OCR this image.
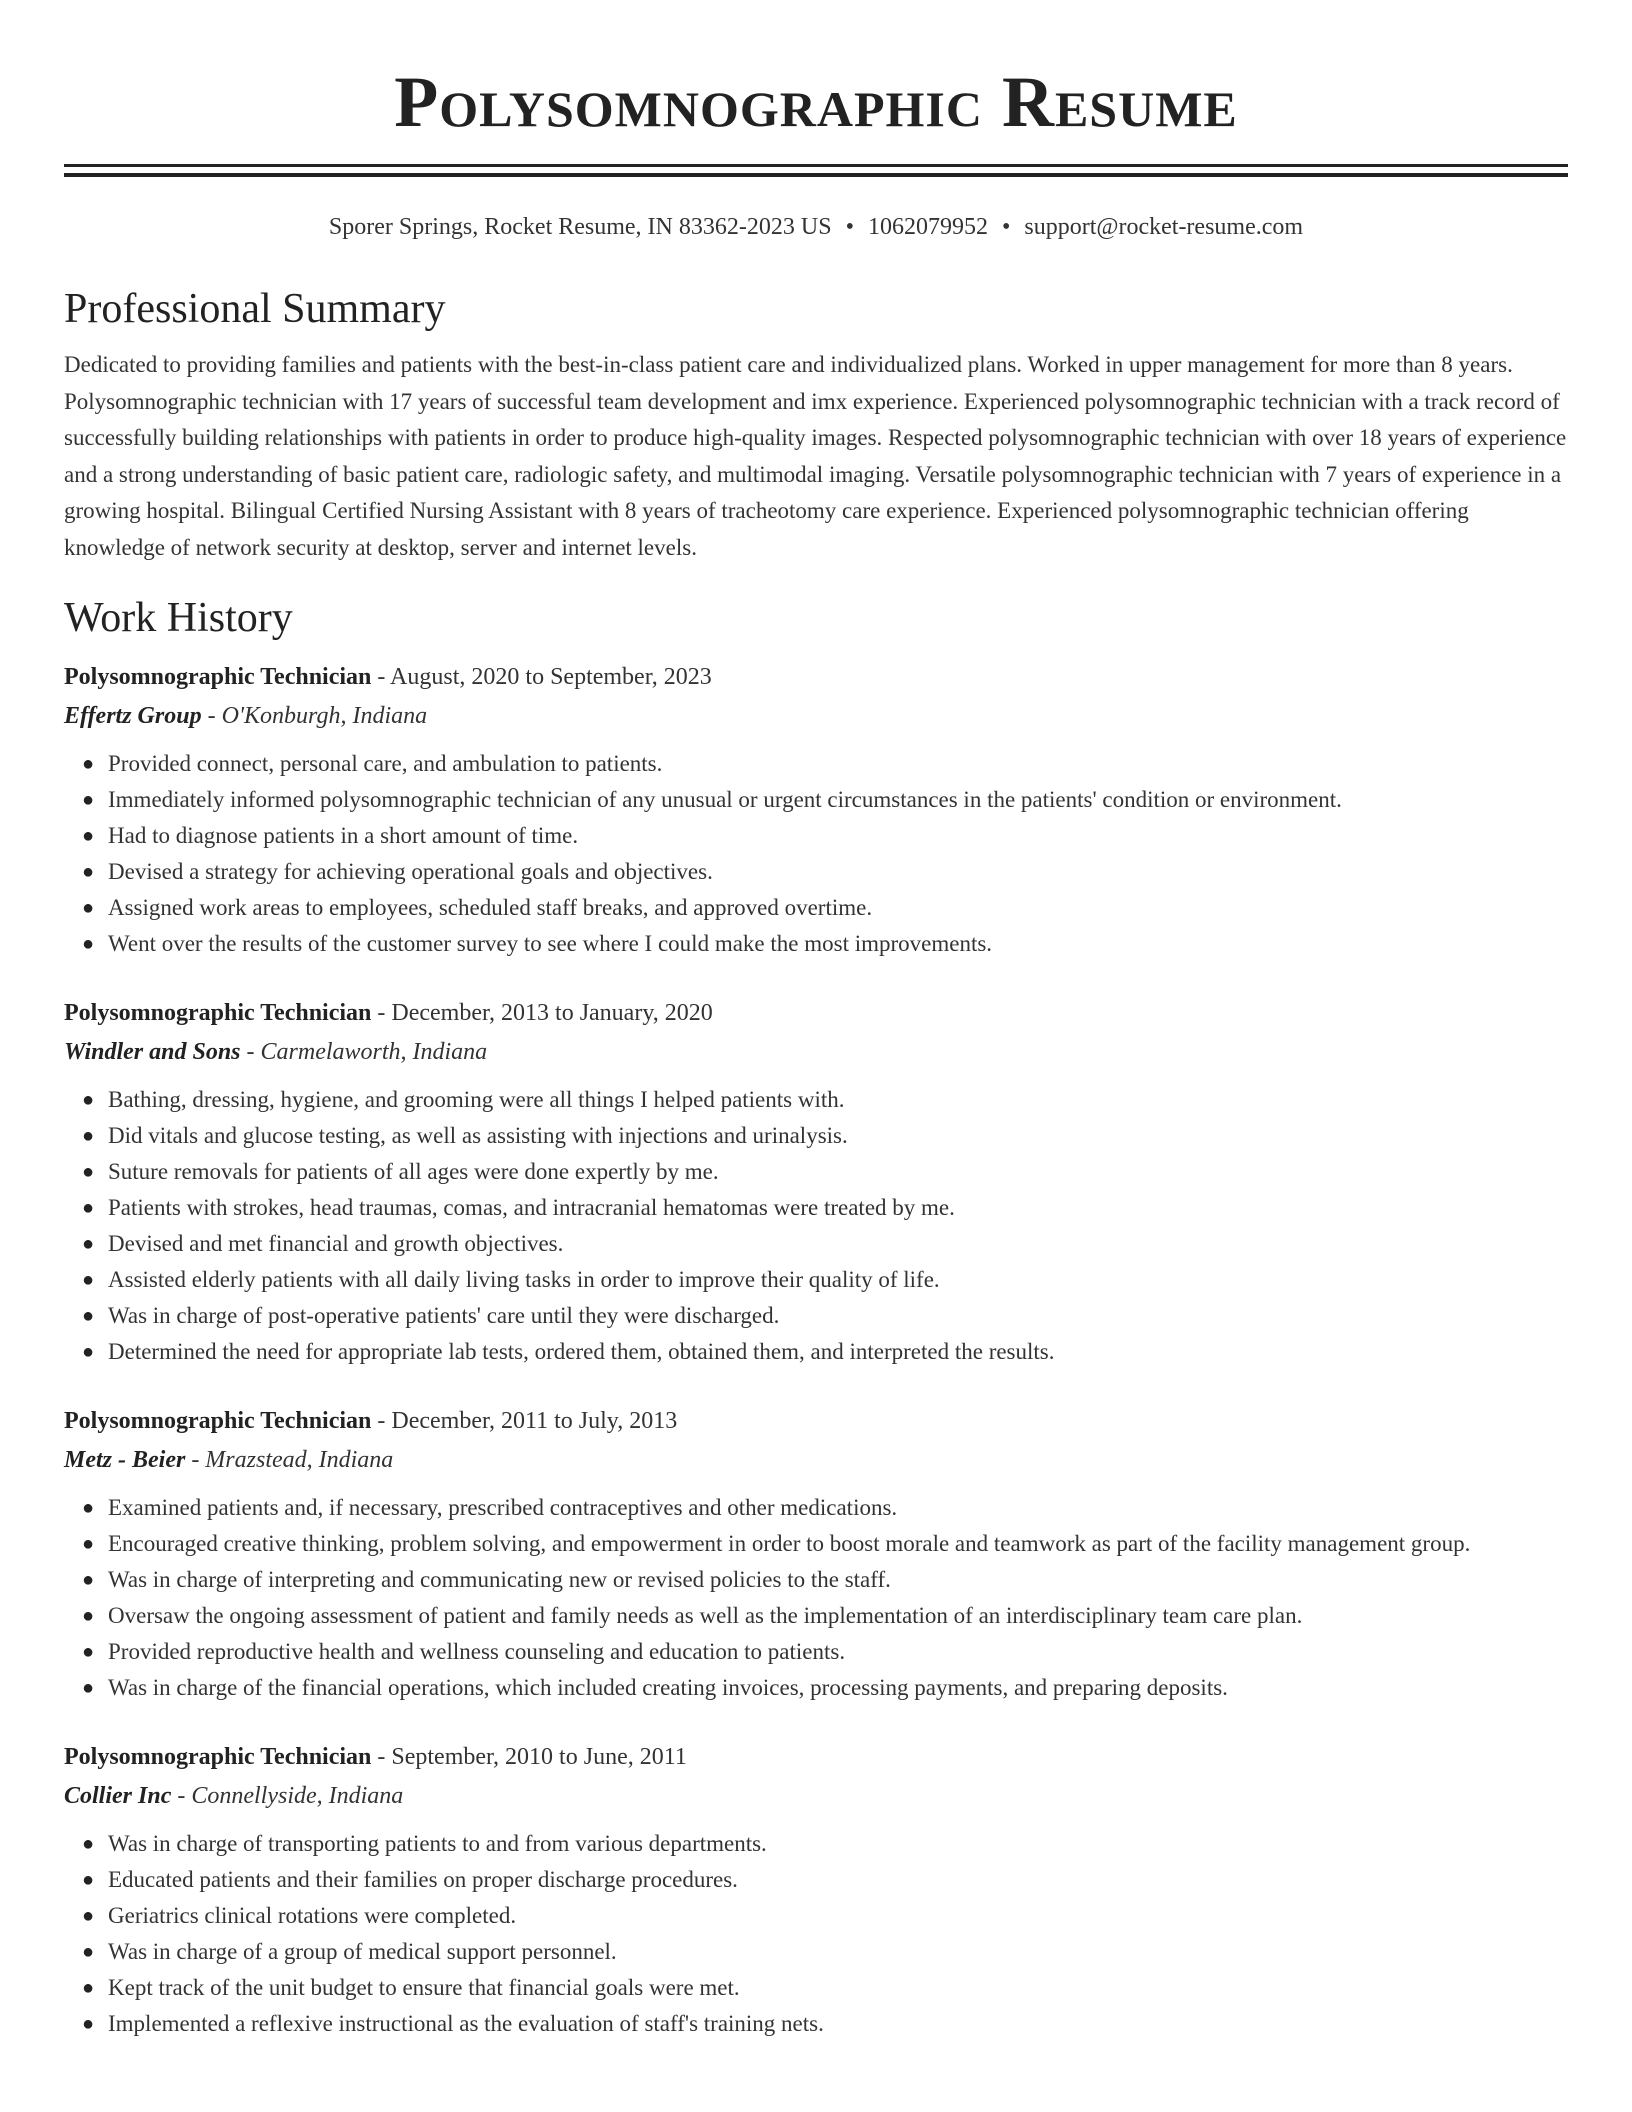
Polysomnographic Resume
Sporer Springs, Rocket Resume, IN 83362-2023 US • 1062079952 • support@rocket-resume.com
Professional Summary
Dedicated to providing families and patients with the best-in-class patient care and individualized plans. Worked in upper management for more than 8 years. Polysomnographic technician with 17 years of successful team development and imx experience. Experienced polysomnographic technician with a track record of successfully building relationships with patients in order to produce high-quality images. Respected polysomnographic technician with over 18 years of experience and a strong understanding of basic patient care, radiologic safety, and multimodal imaging. Versatile polysomnographic technician with 7 years of experience in a growing hospital. Bilingual Certified Nursing Assistant with 8 years of tracheotomy care experience. Experienced polysomnographic technician offering knowledge of network security at desktop, server and internet levels.
Work History
Polysomnographic Technician - August, 2020 to September, 2023
Effertz Group - O'Konburgh, Indiana
● Provided connect, personal care, and ambulation to patients.
● Immediately informed polysomnographic technician of any unusual or urgent circumstances in the patients' condition or environment.
● Had to diagnose patients in a short amount of time.
● Devised a strategy for achieving operational goals and objectives.
● Assigned work areas to employees, scheduled staff breaks, and approved overtime.
● Went over the results of the customer survey to see where I could make the most improvements.
Polysomnographic Technician - December, 2013 to January, 2020
Windler and Sons - Carmelaworth, Indiana
● Bathing, dressing, hygiene, and grooming were all things I helped patients with.
● Did vitals and glucose testing, as well as assisting with injections and urinalysis.
● Suture removals for patients of all ages were done expertly by me.
● Patients with strokes, head traumas, comas, and intracranial hematomas were treated by me.
● Devised and met financial and growth objectives.
● Assisted elderly patients with all daily living tasks in order to improve their quality of life.
● Was in charge of post-operative patients' care until they were discharged.
● Determined the need for appropriate lab tests, ordered them, obtained them, and interpreted the results.
Polysomnographic Technician - December, 2011 to July, 2013
Metz - Beier - Mrazstead, Indiana
● Examined patients and, if necessary, prescribed contraceptives and other medications.
● Encouraged creative thinking, problem solving, and empowerment in order to boost morale and teamwork as part of the facility management group.
● Was in charge of interpreting and communicating new or revised policies to the staff.
● Oversaw the ongoing assessment of patient and family needs as well as the implementation of an interdisciplinary team care plan.
● Provided reproductive health and wellness counseling and education to patients.
● Was in charge of the financial operations, which included creating invoices, processing payments, and preparing deposits.
Polysomnographic Technician - September, 2010 to June, 2011
Collier Inc - Connellyside, Indiana
● Was in charge of transporting patients to and from various departments.
● Educated patients and their families on proper discharge procedures.
● Geriatrics clinical rotations were completed.
● Was in charge of a group of medical support personnel.
● Kept track of the unit budget to ensure that financial goals were met.
● Implemented a reflexive instructional as the evaluation of staff's training nets.
